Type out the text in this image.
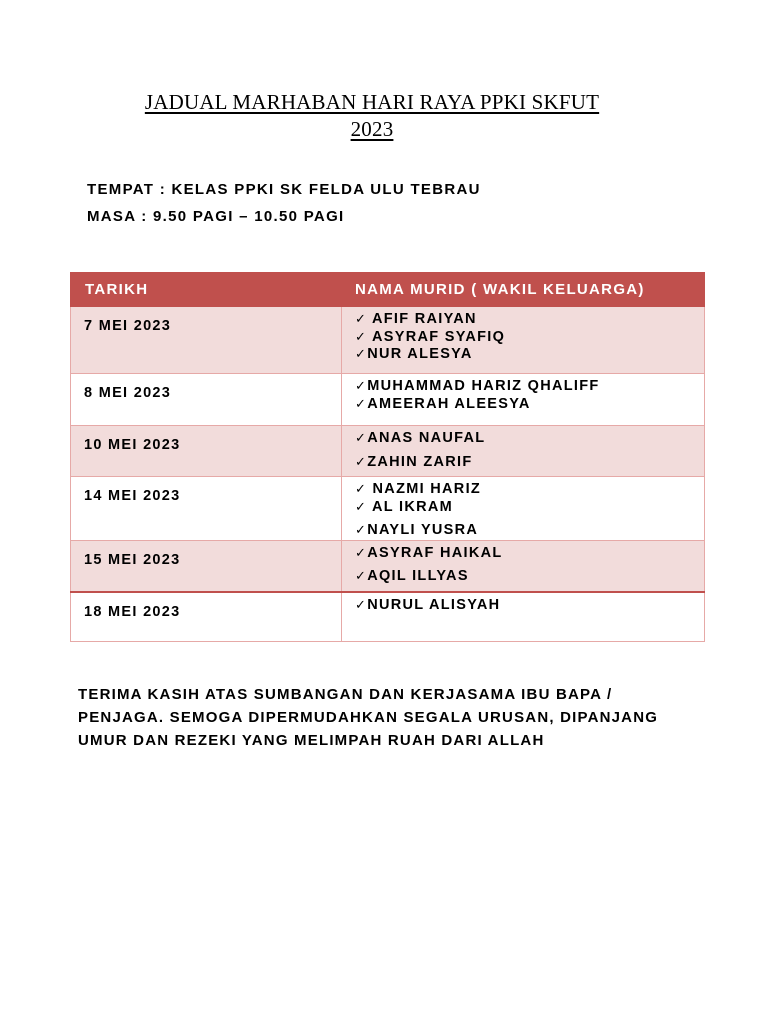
JADUAL MARHABAN HARI RAYA PPKI SKFUT
2023
TEMPAT : KELAS PPKI SK FELDA ULU TEBRAU
MASA : 9.50 PAGI – 10.50 PAGI
TARIKH	NAMA MURID ( WAKIL KELUARGA)
7 MEI 2023	✓ AFIF RAIYAN
✓ ASYRAF SYAFIQ
✓NUR ALESYA

8 MEI 2023	✓MUHAMMAD HARIZ QHALIFF
✓AMEERAH ALEESYA

10 MEI 2023	✓ANAS NAUFAL
✓ZAHIN ZARIF

14 MEI 2023	✓ NAZMI HARIZ
✓ AL IKRAM
✓NAYLI YUSRA

15 MEI 2023	✓ASYRAF HAIKAL
✓AQIL ILLYAS

18 MEI 2023	✓NURUL ALISYAH
TERIMA KASIH ATAS SUMBANGAN DAN KERJASAMA IBU BAPA /
PENJAGA. SEMOGA DIPERMUDAHKAN SEGALA URUSAN, DIPANJANG
UMUR DAN REZEKI YANG MELIMPAH RUAH DARI ALLAH
